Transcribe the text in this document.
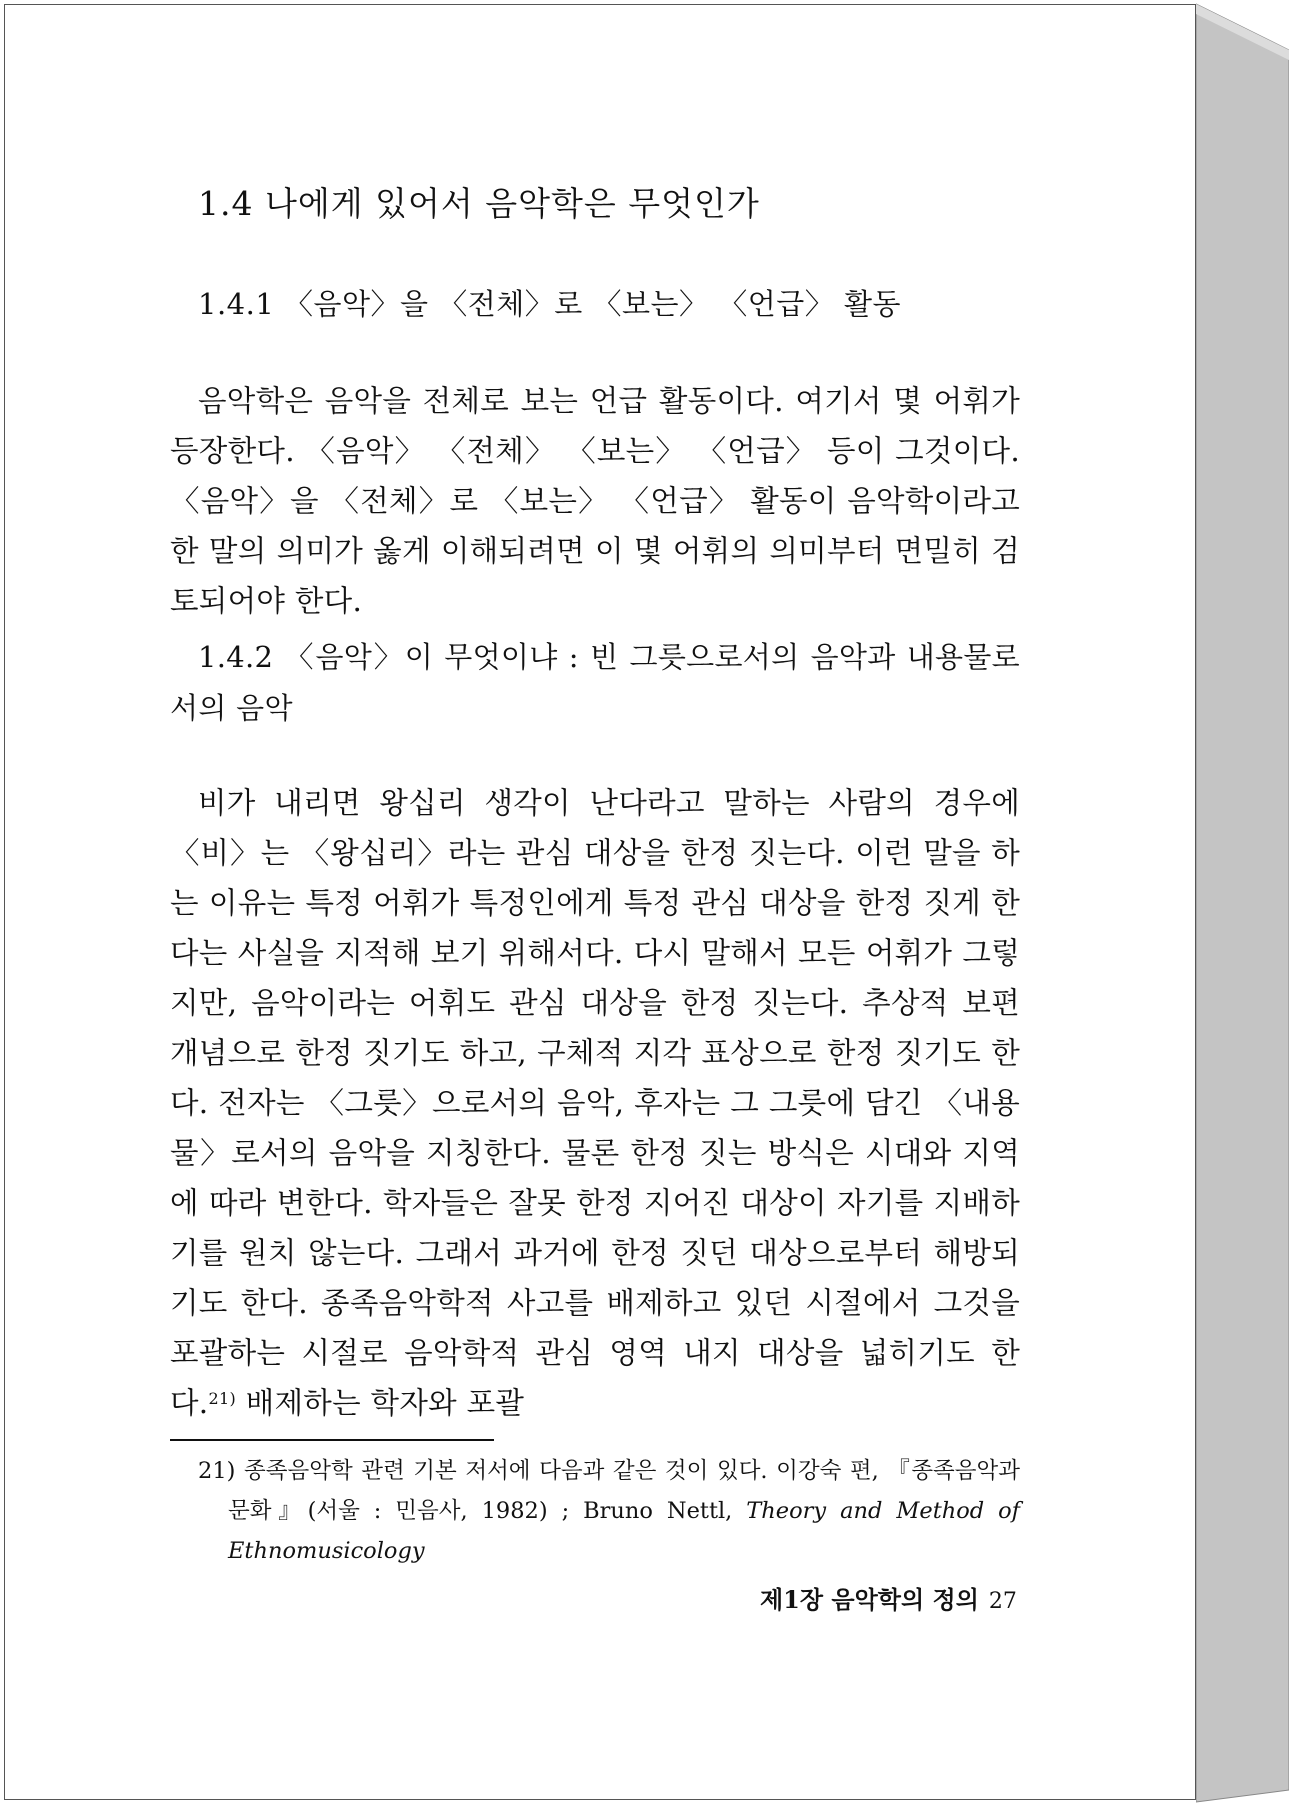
1.4 나에게 있어서 음악학은 무엇인가
1.4.1 〈음악〉을 〈전체〉로 〈보는〉 〈언급〉 활동

음악학은 음악을 전체로 보는 언급 활동이다. 여기서 몇 어휘가 등장한다. 〈음악〉 〈전체〉 〈보는〉 〈언급〉 등이 그것이다. 〈음악〉을 〈전체〉로 〈보는〉 〈언급〉 활동이 음악학이라고 한 말의 의미가 옳게 이해되려면 이 몇 어휘의 의미부터 면밀히 검토되어야 한다.

1.4.2 〈음악〉이 무엇이냐 : 빈 그릇으로서의 음악과 내용물로서의 음악

비가 내리면 왕십리 생각이 난다라고 말하는 사람의 경우에 〈비〉는 〈왕십리〉라는 관심 대상을 한정 짓는다. 이런 말을 하는 이유는 특정 어휘가 특정인에게 특정 관심 대상을 한정 짓게 한다는 사실을 지적해 보기 위해서다. 다시 말해서 모든 어휘가 그렇지만, 음악이라는 어휘도 관심 대상을 한정 짓는다. 추상적 보편 개념으로 한정 짓기도 하고, 구체적 지각 표상으로 한정 짓기도 한다. 전자는 〈그릇〉으로서의 음악, 후자는 그 그릇에 담긴 〈내용물〉로서의 음악을 지칭한다. 물론 한정 짓는 방식은 시대와 지역에 따라 변한다. 학자들은 잘못 한정 지어진 대상이 자기를 지배하기를 원치 않는다. 그래서 과거에 한정 짓던 대상으로부터 해방되기도 한다. 종족음악학적 사고를 배제하고 있던 시절에서 그것을 포괄하는 시절로 음악학적 관심 영역 내지 대상을 넓히기도 한다.$^{21)}$ 배제하는 학자와 포괄

21) 종족음악학 관련 기본 저서에 다음과 같은 것이 있다. 이강숙 편, 『종족음악과 문화』(서울 : 민음사, 1982) ; Bruno Nettl, Theory and Method of Ethnomusicology

제1장 음악학의 정의 27
